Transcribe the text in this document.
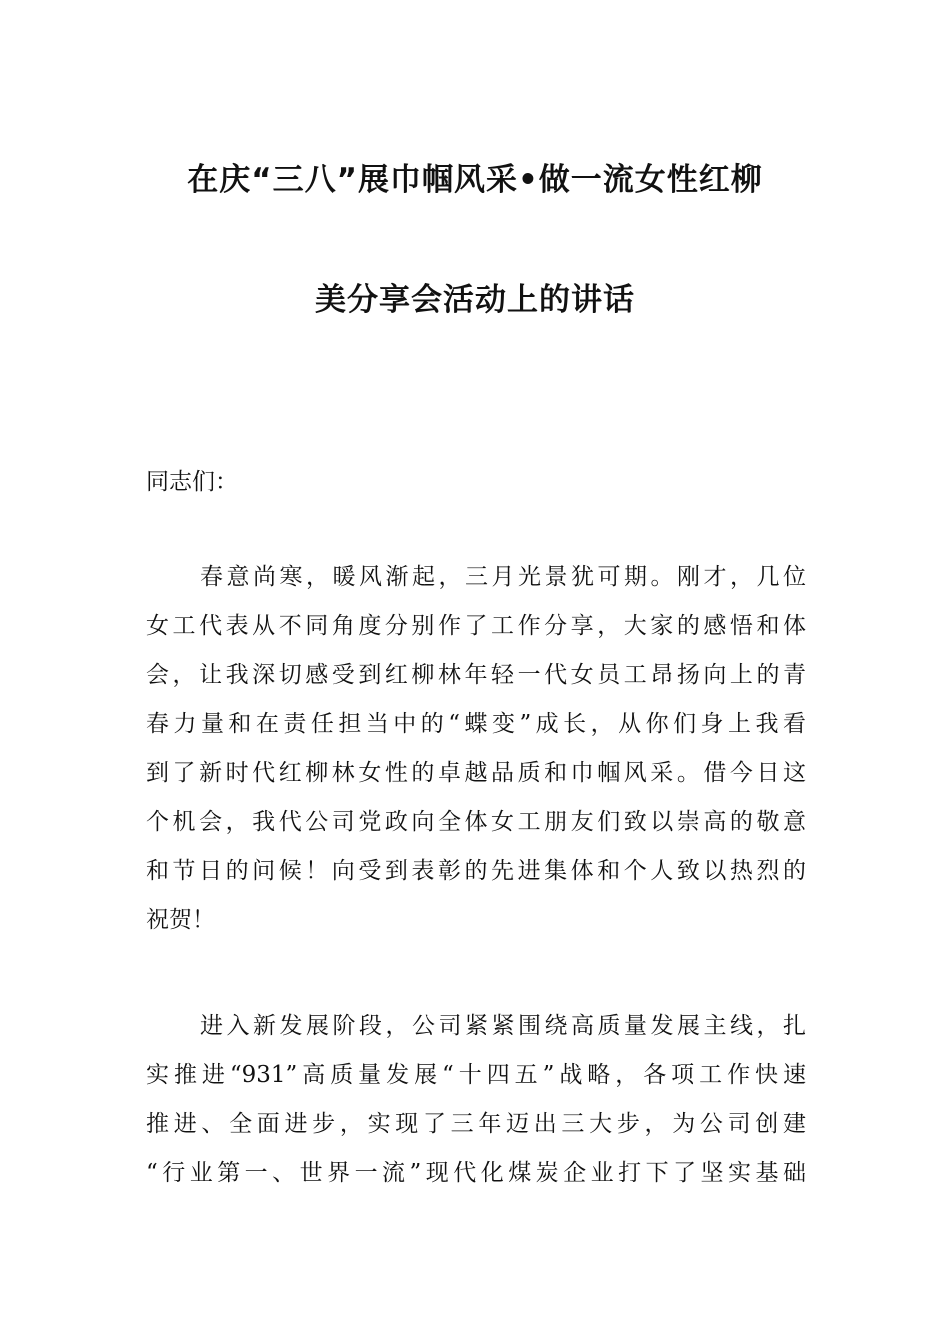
在庆“三八”展巾帼风采•做一流女性红柳
美分享会活动上的讲话
同志们：
春意尚寒，暖风渐起，三月光景犹可期。刚才，几位
女工代表从不同角度分别作了工作分享，大家的感悟和体
会，让我深切感受到红柳林年轻一代女员工昂扬向上的青
春力量和在责任担当中的“蝶变”成长，从你们身上我看
到了新时代红柳林女性的卓越品质和巾帼风采。借今日这
个机会，我代公司党政向全体女工朋友们致以崇高的敬意
和节日的问候！向受到表彰的先进集体和个人致以热烈的
祝贺！
进入新发展阶段，公司紧紧围绕高质量发展主线，扎
实推进“931”高质量发展“十四五”战略，各项工作快速
推进、全面进步，实现了三年迈出三大步，为公司创建
“行业第一、世界一流”现代化煤炭企业打下了坚实基础
